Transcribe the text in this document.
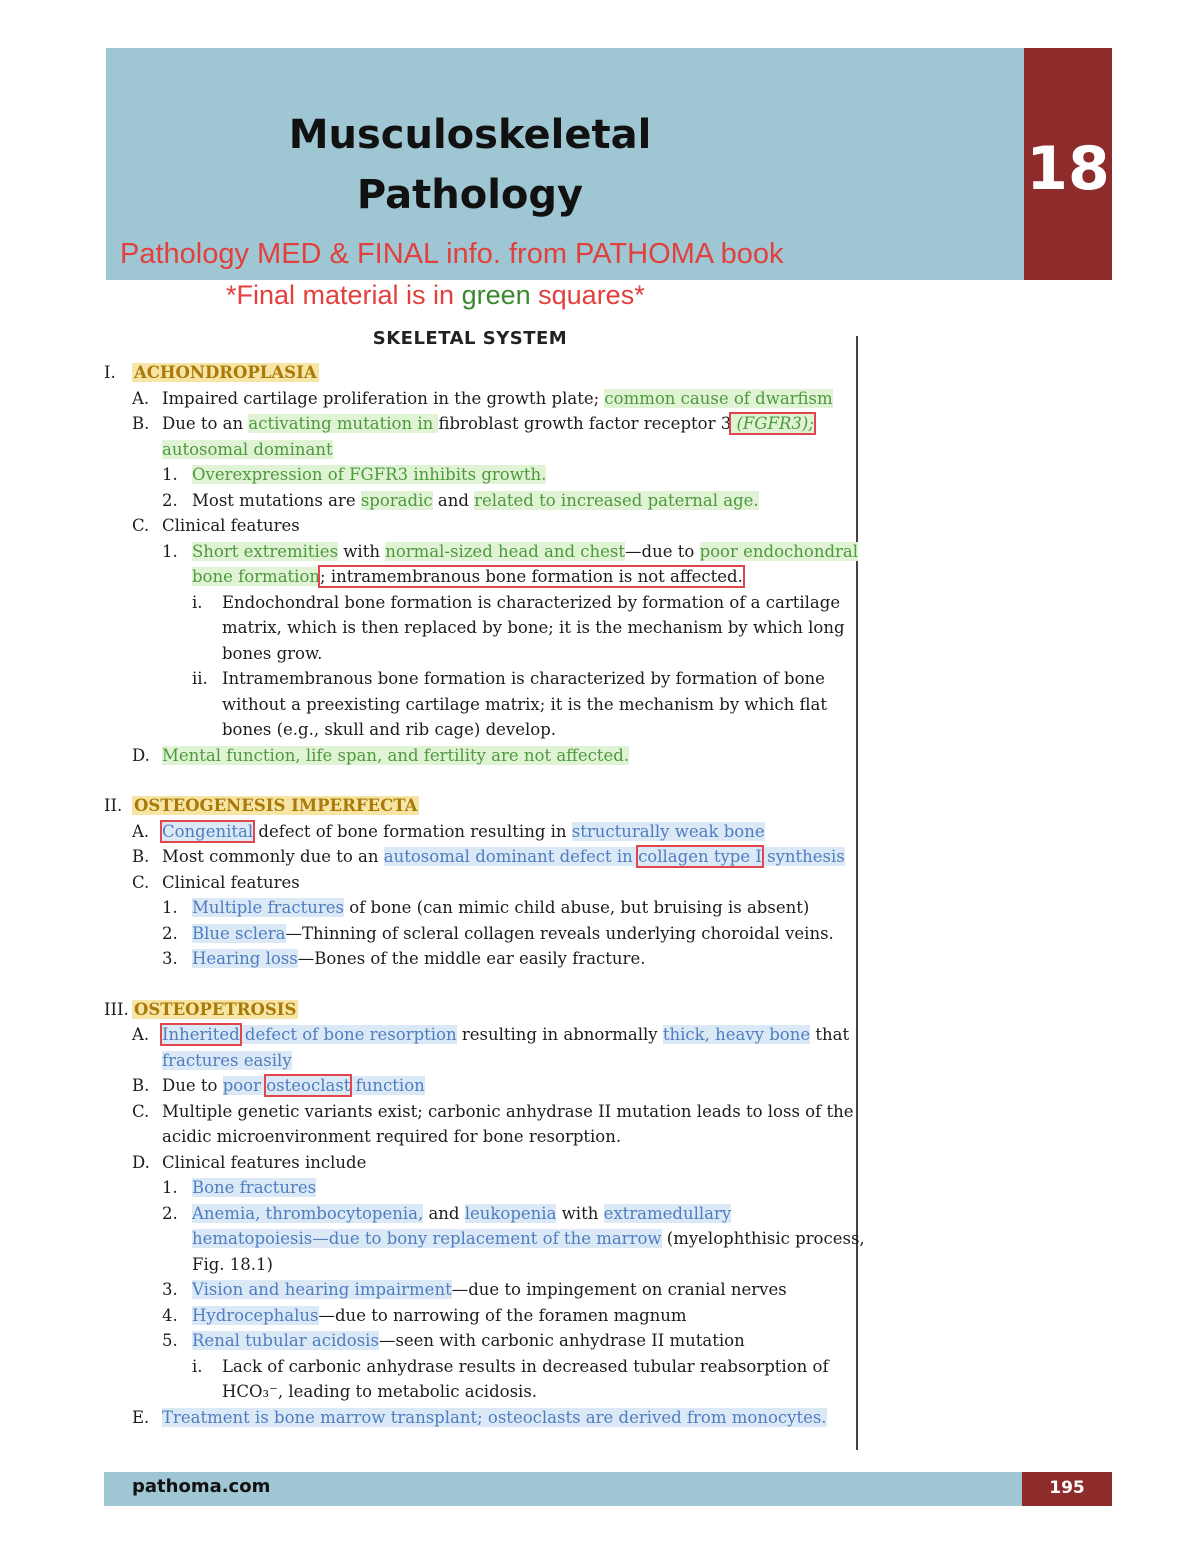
Musculoskeletal
Pathology	18
Pathology MED & FINAL info. from PATHOMA book
*Final material is in green squares*
SKELETAL SYSTEM
I. ACHONDROPLASIA
A. Impaired cartilage proliferation in the growth plate; common cause of dwarfism
B. Due to an activating mutation in fibroblast growth factor receptor 3 (FGFR3);
autosomal dominant
1. Overexpression of FGFR3 inhibits growth.
2. Most mutations are sporadic and related to increased paternal age.
C. Clinical features
1. Short extremities with normal-sized head and chest—due to poor endochondral
bone formation; intramembranous bone formation is not affected.
i. Endochondral bone formation is characterized by formation of a cartilage
matrix, which is then replaced by bone; it is the mechanism by which long
bones grow.
ii. Intramembranous bone formation is characterized by formation of bone
without a preexisting cartilage matrix; it is the mechanism by which flat
bones (e.g., skull and rib cage) develop.
D. Mental function, life span, and fertility are not affected.
II. OSTEOGENESIS IMPERFECTA
A. Congenital defect of bone formation resulting in structurally weak bone
B. Most commonly due to an autosomal dominant defect in collagen type I synthesis
C. Clinical features
1. Multiple fractures of bone (can mimic child abuse, but bruising is absent)
2. Blue sclera—Thinning of scleral collagen reveals underlying choroidal veins.
3. Hearing loss—Bones of the middle ear easily fracture.
III. OSTEOPETROSIS
A. Inherited defect of bone resorption resulting in abnormally thick, heavy bone that
fractures easily
B. Due to poor osteoclast function
C. Multiple genetic variants exist; carbonic anhydrase II mutation leads to loss of the
acidic microenvironment required for bone resorption.
D. Clinical features include
1. Bone fractures
2. Anemia, thrombocytopenia, and leukopenia with extramedullary
hematopoiesis—due to bony replacement of the marrow (myelophthisic process,
Fig. 18.1)
3. Vision and hearing impairment—due to impingement on cranial nerves
4. Hydrocephalus—due to narrowing of the foramen magnum
5. Renal tubular acidosis—seen with carbonic anhydrase II mutation
i. Lack of carbonic anhydrase results in decreased tubular reabsorption of
HCO₃⁻, leading to metabolic acidosis.
E. Treatment is bone marrow transplant; osteoclasts are derived from monocytes.
pathoma.com	195
